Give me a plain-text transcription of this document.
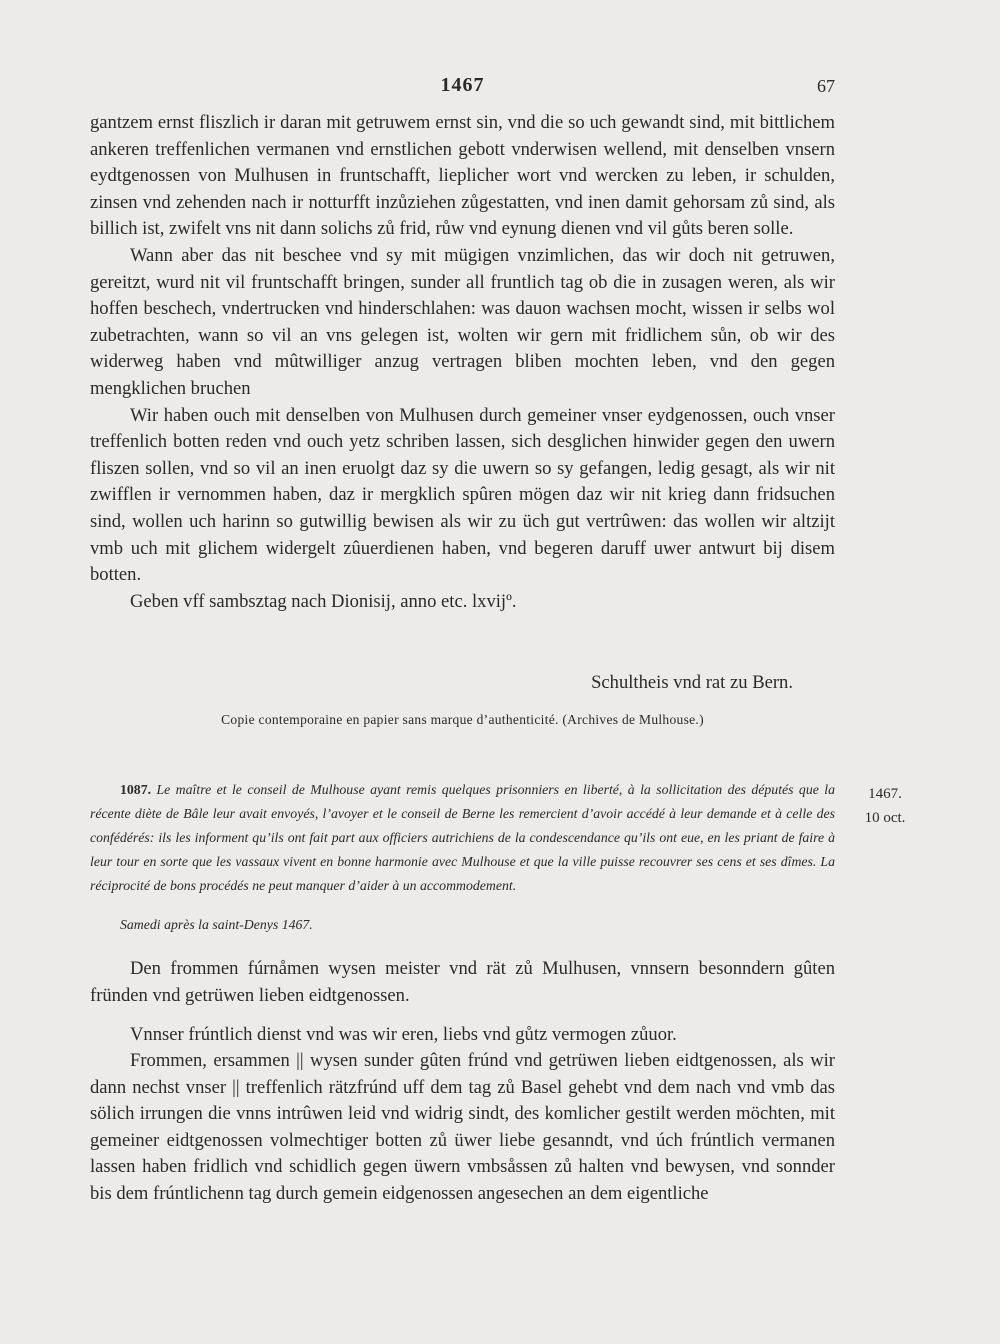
1467	67

gantzem ernst fliszlich ir daran mit getruwem ernst sin, vnd die so uch gewandt sind, mit bittlichem ankeren treffenlichen vermanen vnd ernstlichen gebott vnderwisen wellend, mit denselben vnsern eydtgenossen von Mulhusen in fruntschafft, lieplicher wort vnd wercken zu leben, ir schulden, zinsen vnd zehenden nach ir notturfft inzůziehen zůgestatten, vnd inen damit gehorsam zů sind, als billich ist, zwifelt vns nit dann solichs zů frid, růw vnd eynung dienen vnd vil gůts beren solle.

Wann aber das nit beschee vnd sy mit mügigen vnzimlichen, das wir doch nit getruwen, gereitzt, wurd nit vil fruntschafft bringen, sunder all fruntlich tag ob die in zusagen weren, als wir hoffen beschech, vndertrucken vnd hinderschlahen: was dauon wachsen mocht, wissen ir selbs wol zubetrachten, wann so vil an vns gelegen ist, wolten wir gern mit fridlichem sůn, ob wir des widerweg haben vnd mûtwilliger anzug vertragen bliben mochten leben, vnd den gegen mengklichen bruchen

Wir haben ouch mit denselben von Mulhusen durch gemeiner vnser eydgenossen, ouch vnser treffenlich botten reden vnd ouch yetz schriben lassen, sich desglichen hinwider gegen den uwern fliszen sollen, vnd so vil an inen eruolgt daz sy die uwern so sy gefangen, ledig gesagt, als wir nit zwifflen ir vernommen haben, daz ir mergklich spûren mögen daz wir nit krieg dann fridsuchen sind, wollen uch harinn so gutwillig bewisen als wir zu üch gut vertrûwen: das wollen wir altzijt vmb uch mit glichem widergelt zûuerdienen haben, vnd begeren daruff uwer antwurt bij disem botten.

Geben vff sambsztag nach Dionisij, anno etc. lxvijº.

Schultheis vnd rat zu Bern.
Copie contemporaine en papier sans marque d’authenticité. (Archives de Mulhouse.)

1087. Le maître et le conseil de Mulhouse ayant remis quelques prisonniers en liberté, à la sollicitation des députés que la récente diète de Bâle leur avait envoyés, l’avoyer et le conseil de Berne les remercient d’avoir accédé à leur demande et à celle des confédérés: ils les informent qu’ils ont fait part aux officiers autrichiens de la condescendance qu’ils ont eue, en les priant de faire à leur tour en sorte que les vassaux vivent en bonne harmonie avec Mulhouse et que la ville puisse recouvrer ses cens et ses dîmes. La réciprocité de bons procédés ne peut manquer d’aider à un accommodement.

Samedi après la saint-Denys 1467.
1467.
10 oct.

Den frommen fúrnåmen wysen meister vnd rät zů Mulhusen, vnnsern besonndern gûten fründen vnd getrüwen lieben eidtgenossen.

Vnnser frúntlich dienst vnd was wir eren, liebs vnd gůtz vermogen zůuor.

Frommen, ersammen || wysen sunder gûten frúnd vnd getrüwen lieben eidtgenossen, als wir dann nechst vnser || treffenlich rätzfrúnd uff dem tag zů Basel gehebt vnd dem nach vnd vmb das sölich irrungen die vnns intrûwen leid vnd widrig sindt, des komlicher gestilt werden möchten, mit gemeiner eidtgenossen volmechtiger botten zů üwer liebe gesanndt, vnd úch frúntlich vermanen lassen haben fridlich vnd schidlich gegen üwern vmbsåssen zů halten vnd bewysen, vnd sonnder bis dem frúntlichenn tag durch gemein eidgenossen angesechen an dem eigentliche
